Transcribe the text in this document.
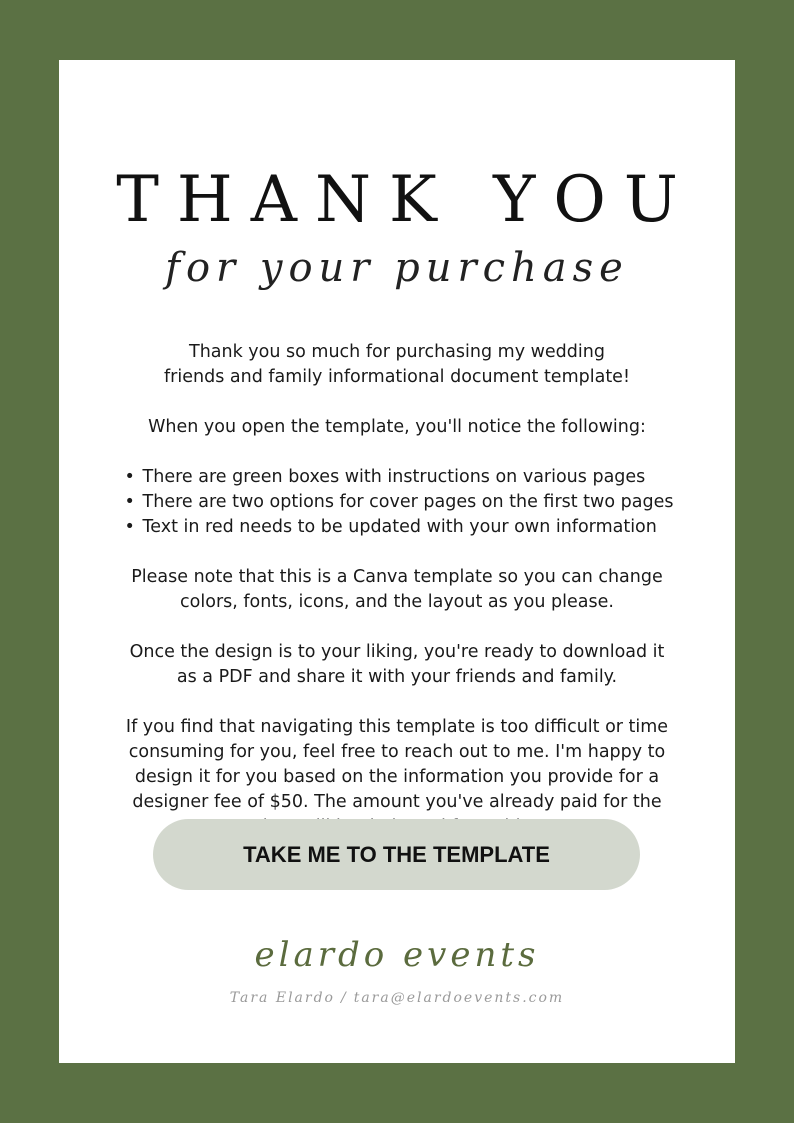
THANK YOU
for your purchase

Thank you so much for purchasing my wedding
friends and family informational document template!

When you open the template, you'll notice the following:

• There are green boxes with instructions on various pages
• There are two options for cover pages on the first two pages
• Text in red needs to be updated with your own information

Please note that this is a Canva template so you can change
colors, fonts, icons, and the layout as you please.

Once the design is to your liking, you're ready to download it
as a PDF and share it with your friends and family.

If you find that navigating this template is too difficult or time
consuming for you, feel free to reach out to me. I'm happy to
design it for you based on the information you provide for a
designer fee of $50. The amount you've already paid for the

TAKE ME TO THE TEMPLATE
elardo events
Tara Elardo / tara@elardoevents.com
